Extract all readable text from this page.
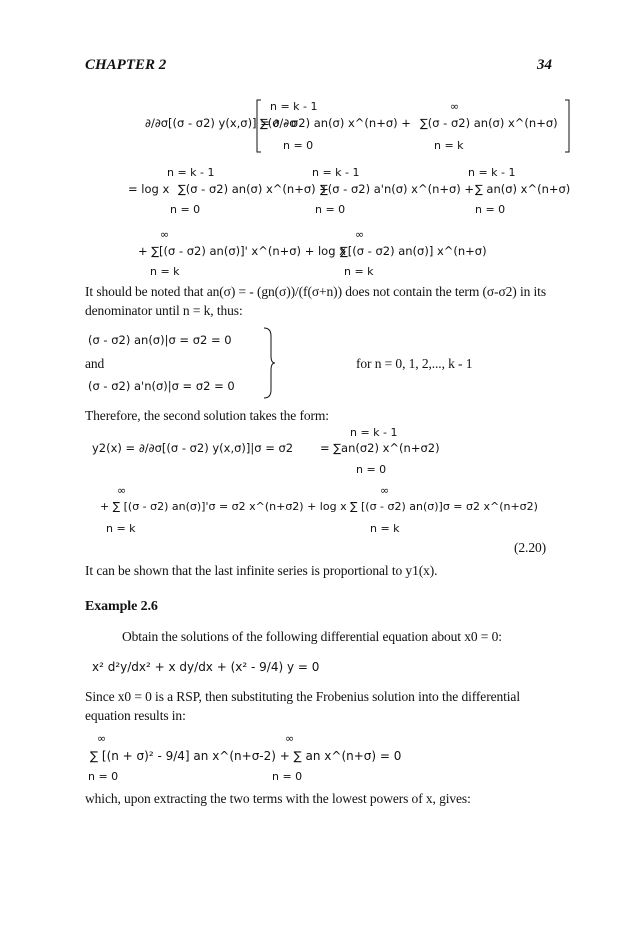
CHAPTER 2	34
n = k - 1	∞
∂/∂σ[(σ - σ2) y(x,σ)] = ∂/∂σ
∑(σ - σ2) an(σ) x^(n+σ) + ∑(σ - σ2) an(σ) x^(n+σ)
n = 0	n = k
n = k - 1	n = k - 1	n = k - 1
= log x ∑(σ - σ2) an(σ) x^(n+σ) +
∑(σ - σ2) a'n(σ) x^(n+σ) + ∑ an(σ) x^(n+σ)
n = 0	n = 0	n = 0
∞	∞
+ ∑[(σ - σ2) an(σ)]' x^(n+σ) + log x
∑[(σ - σ2) an(σ)] x^(n+σ)
n = k	n = k
It should be noted that an(σ) = - (gn(σ))/(f(σ+n)) does not contain the term (σ-σ2) in its
denominator until n = k, thus:
(σ - σ2) an(σ)|σ = σ2 = 0
and	for n = 0, 1, 2,..., k - 1
(σ - σ2) a'n(σ)|σ = σ2 = 0
Therefore, the second solution takes the form:
n = k - 1
y2(x) = ∂/∂σ[(σ - σ2) y(x,σ)]|σ = σ2 = ∑an(σ2) x^(n+σ2)
n = 0
∞	∞
+ ∑ [(σ - σ2) an(σ)]'σ = σ2 x^(n+σ2) + log x ∑ [(σ - σ2) an(σ)]σ = σ2 x^(n+σ2)
n = k	n = k
(2.20)
It can be shown that the last infinite series is proportional to y1(x).
Example 2.6
Obtain the solutions of the following differential equation about x0 = 0:
x² d²y/dx² + x dy/dx + (x² - 9/4) y = 0
Since x0 = 0 is a RSP, then substituting the Frobenius solution into the differential
equation results in:
∞	∞
∑ [(n + σ)² - 9/4] an x^(n+σ-2) + ∑ an x^(n+σ) = 0
n = 0	n = 0
which, upon extracting the two terms with the lowest powers of x, gives:
